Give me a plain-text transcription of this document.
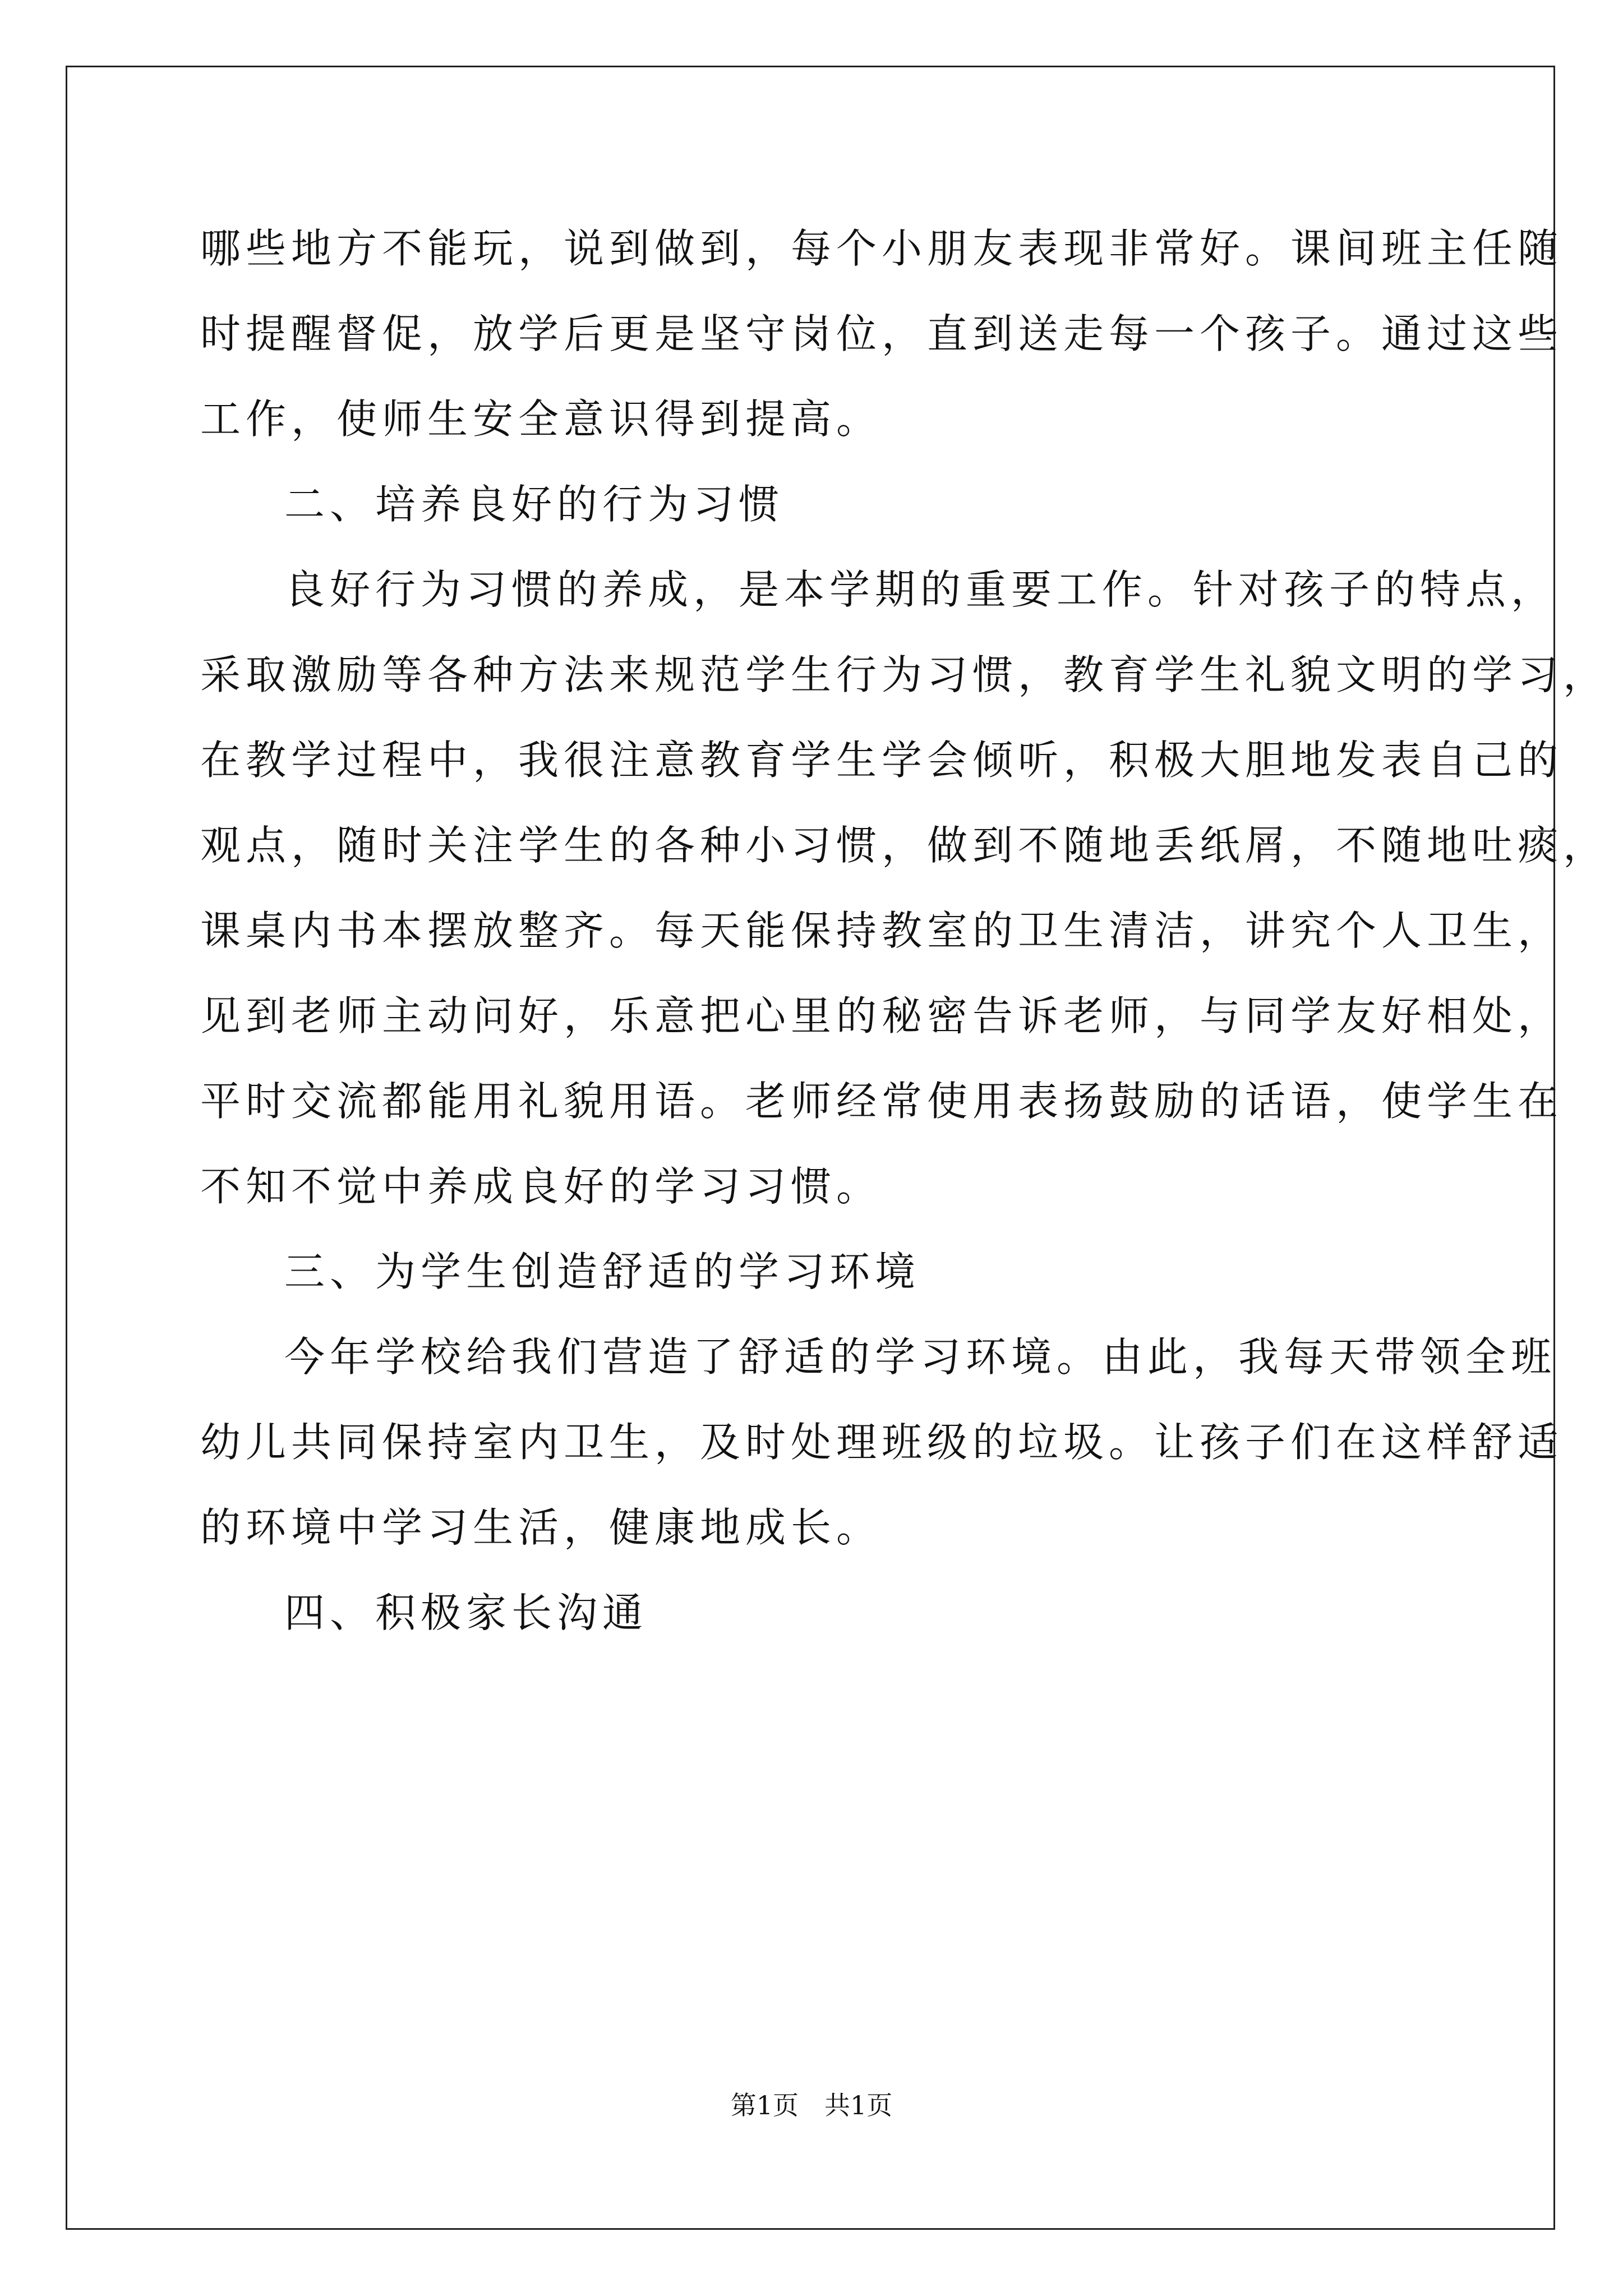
哪些地方不能玩，说到做到，每个小朋友表现非常好。课间班主任随
时提醒督促，放学后更是坚守岗位，直到送走每一个孩子。通过这些
工作，使师生安全意识得到提高。
二、培养良好的行为习惯
良好行为习惯的养成，是本学期的重要工作。针对孩子的特点，
采取激励等各种方法来规范学生行为习惯，教育学生礼貌文明的学习，
在教学过程中，我很注意教育学生学会倾听，积极大胆地发表自己的
观点，随时关注学生的各种小习惯，做到不随地丢纸屑，不随地吐痰，
课桌内书本摆放整齐。每天能保持教室的卫生清洁，讲究个人卫生，
见到老师主动问好，乐意把心里的秘密告诉老师，与同学友好相处，
平时交流都能用礼貌用语。老师经常使用表扬鼓励的话语，使学生在
不知不觉中养成良好的学习习惯。
三、为学生创造舒适的学习环境
今年学校给我们营造了舒适的学习环境。由此，我每天带领全班
幼儿共同保持室内卫生，及时处理班级的垃圾。让孩子们在这样舒适
的环境中学习生活，健康地成长。
四、积极家长沟通
第1页　共1页
